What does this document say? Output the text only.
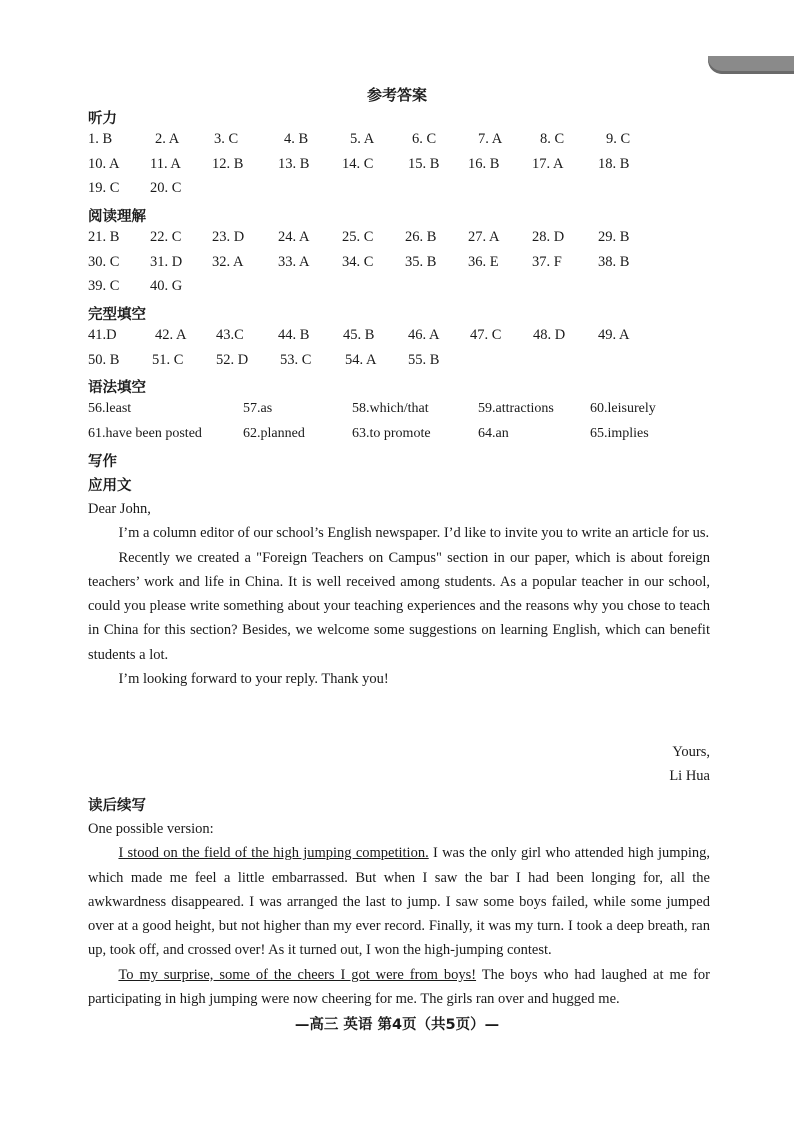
参考答案
听力
1. B	2. A 3. C	4. B	5. A	6. C	7. A	8. C	9. C
10. A 11. A 12. B 13. B 14. C 15. B 16. B 17. A 18. B
19. C 20. C
阅读理解
21. B 22. C 23. D 24. A 25. C 26. B 27. A 28. D 29. B
30. C 31. D 32. A 33. A 34. C 35. B 36. E 37. F 38. B
39. C 40. G
完型填空
41.D	42. A 43.C 44. B 45. B 46. A 47. C 48. D 49. A
50. B 51. C 52. D 53. C 54. A 55. B
语法填空
56.least	57.as	58.which/that	59.attractions	60.leisurely
61.have been posted	62.planned	63.to promote	64.an	65.implies
写作
应用文

Dear John,

I’m a column editor of our school’s English newspaper. I’d like to invite you to write an article for us.

Recently we created a "Foreign Teachers on Campus" section in our paper, which is about foreign teachers’ work and life in China. It is well received among students. As a popular teacher in our school, could you please write something about your teaching experiences and the reasons why you chose to teach in China for this section? Besides, we welcome some suggestions on learning English, which can benefit students a lot.

I’m looking forward to your reply. Thank you!

Yours,
Li Hua
读后续写

One possible version:

I stood on the field of the high jumping competition. I was the only girl who attended high jumping, which made me feel a little embarrassed. But when I saw the bar I had been longing for, all the awkwardness disappeared. I was arranged the last to jump. I saw some boys failed, while some jumped over at a good height, but not higher than my ever record. Finally, it was my turn. I took a deep breath, ran up, took off, and crossed over! As it turned out, I won the high-jumping contest.

To my surprise, some of the cheers I got were from boys! The boys who had laughed at me for participating in high jumping were now cheering for me. The girls ran over and hugged me.

—高三 英语 第4页（共5页）—
